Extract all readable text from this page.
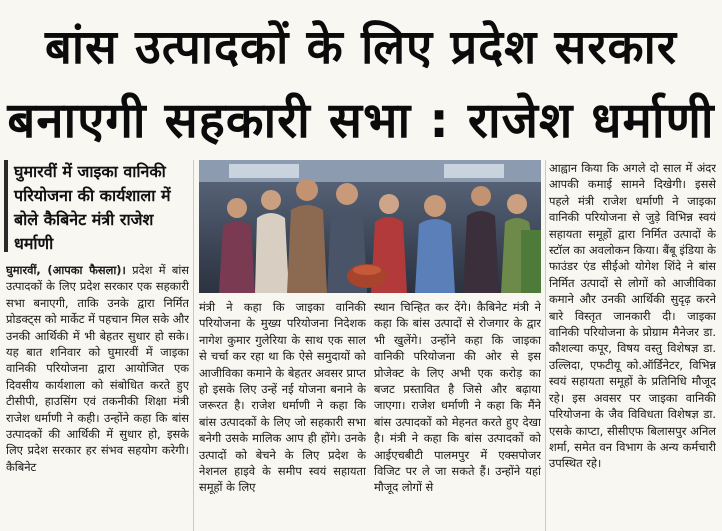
बांस उत्पादकों के लिए प्रदेश सरकार
बनाएगी सहकारी सभा : राजेश धर्माणी
घुमारवीं में जाइका वानिकी परियोजना की कार्यशाला में बोले कैबिनेट मंत्री राजेश धर्माणी

घुमारवीं, (आपका फैसला)। प्रदेश में बांस उत्पादकों के लिए प्रदेश सरकार एक सहकारी सभा बनाएगी, ताकि उनके द्वारा निर्मित प्रोडक्ट्स को मार्केट में पहचान मिल सके और उनकी आर्थिकी में भी बेहतर सुधार हो सके। यह बात शनिवार को घुमारवीं में जाइका वानिकी परियोजना द्वारा आयोजित एक दिवसीय कार्यशाला को संबोधित करते हुए टीसीपी, हाउसिंग एवं तकनीकी शिक्षा मंत्री राजेश धर्माणी ने कही। उन्होंने कहा कि बांस उत्पादकों की आर्थिकी में सुधार हो, इसके लिए प्रदेश सरकार हर संभव सहयोग करेगी। कैबिनेट

मंत्री ने कहा कि जाइका वानिकी परियोजना के मुख्य परियोजना निदेशक नागेश कुमार गुलेरिया के साथ एक साल से चर्चा कर रहा था कि ऐसे समुदायों को आजीविका कमाने के बेहतर अवसर प्राप्त हो इसके लिए उन्हें नई योजना बनाने के जरूरत है। राजेश धर्माणी ने कहा कि बांस उत्पादकों के लिए जो सहकारी सभा बनेगी उसके मालिक आप ही होंगे। उनके उत्पादों को बेचने के लिए प्रदेश के नेशनल हाइवे के समीप स्वयं सहायता समूहों के लिए

स्थान चिन्हित कर देंगे। कैबिनेट मंत्री ने कहा कि बांस उत्पादों से रोजगार के द्वार भी खुलेंगे। उन्होंने कहा कि जाइका वानिकी परियोजना की ओर से इस प्रोजेक्ट के लिए अभी एक करोड़ का बजट प्रस्तावित है जिसे और बढ़ाया जाएगा। राजेश धर्माणी ने कहा कि मैंने बांस उत्पादकों को मेहनत करते हुए देखा है। मंत्री ने कहा कि बांस उत्पादकों को आईएचबीटी पालमपुर में एक्सपोजर विजिट पर ले जा सकते हैं। उन्होंने यहां मौजूद लोगों से

आह्वान किया कि अगले दो साल में अंदर आपकी कमाई सामने दिखेगी। इससे पहले मंत्री राजेश धर्माणी ने जाइका वानिकी परियोजना से जुड़े विभिन्न स्वयं सहायता समूहों द्वारा निर्मित उत्पादों के स्टॉल का अवलोकन किया। बैंबू इंडिया के फाउंडर एंड सीईओ योगेश शिंदे ने बांस निर्मित उत्पादों से लोगों को आजीविका कमाने और उनकी आर्थिकी सुदृढ़ करने बारे विस्तृत जानकारी दी। जाइका वानिकी परियोजना के प्रोग्राम मैनेजर डा. कौशल्या कपूर, विषय वस्तु विशेषज्ञ डा. उल्लिदा, एफटीयू को.ऑर्डिनेटर, विभिन्न स्वयं सहायता समूहों के प्रतिनिधि मौजूद रहे। इस अवसर पर जाइका वानिकी परियोजना के जैव विविधता विशेषज्ञ डा. एसके काप्टा, सीसीएफ बिलासपुर अनिल शर्मा, समेत वन विभाग के अन्य कर्मचारी उपस्थित रहे।
